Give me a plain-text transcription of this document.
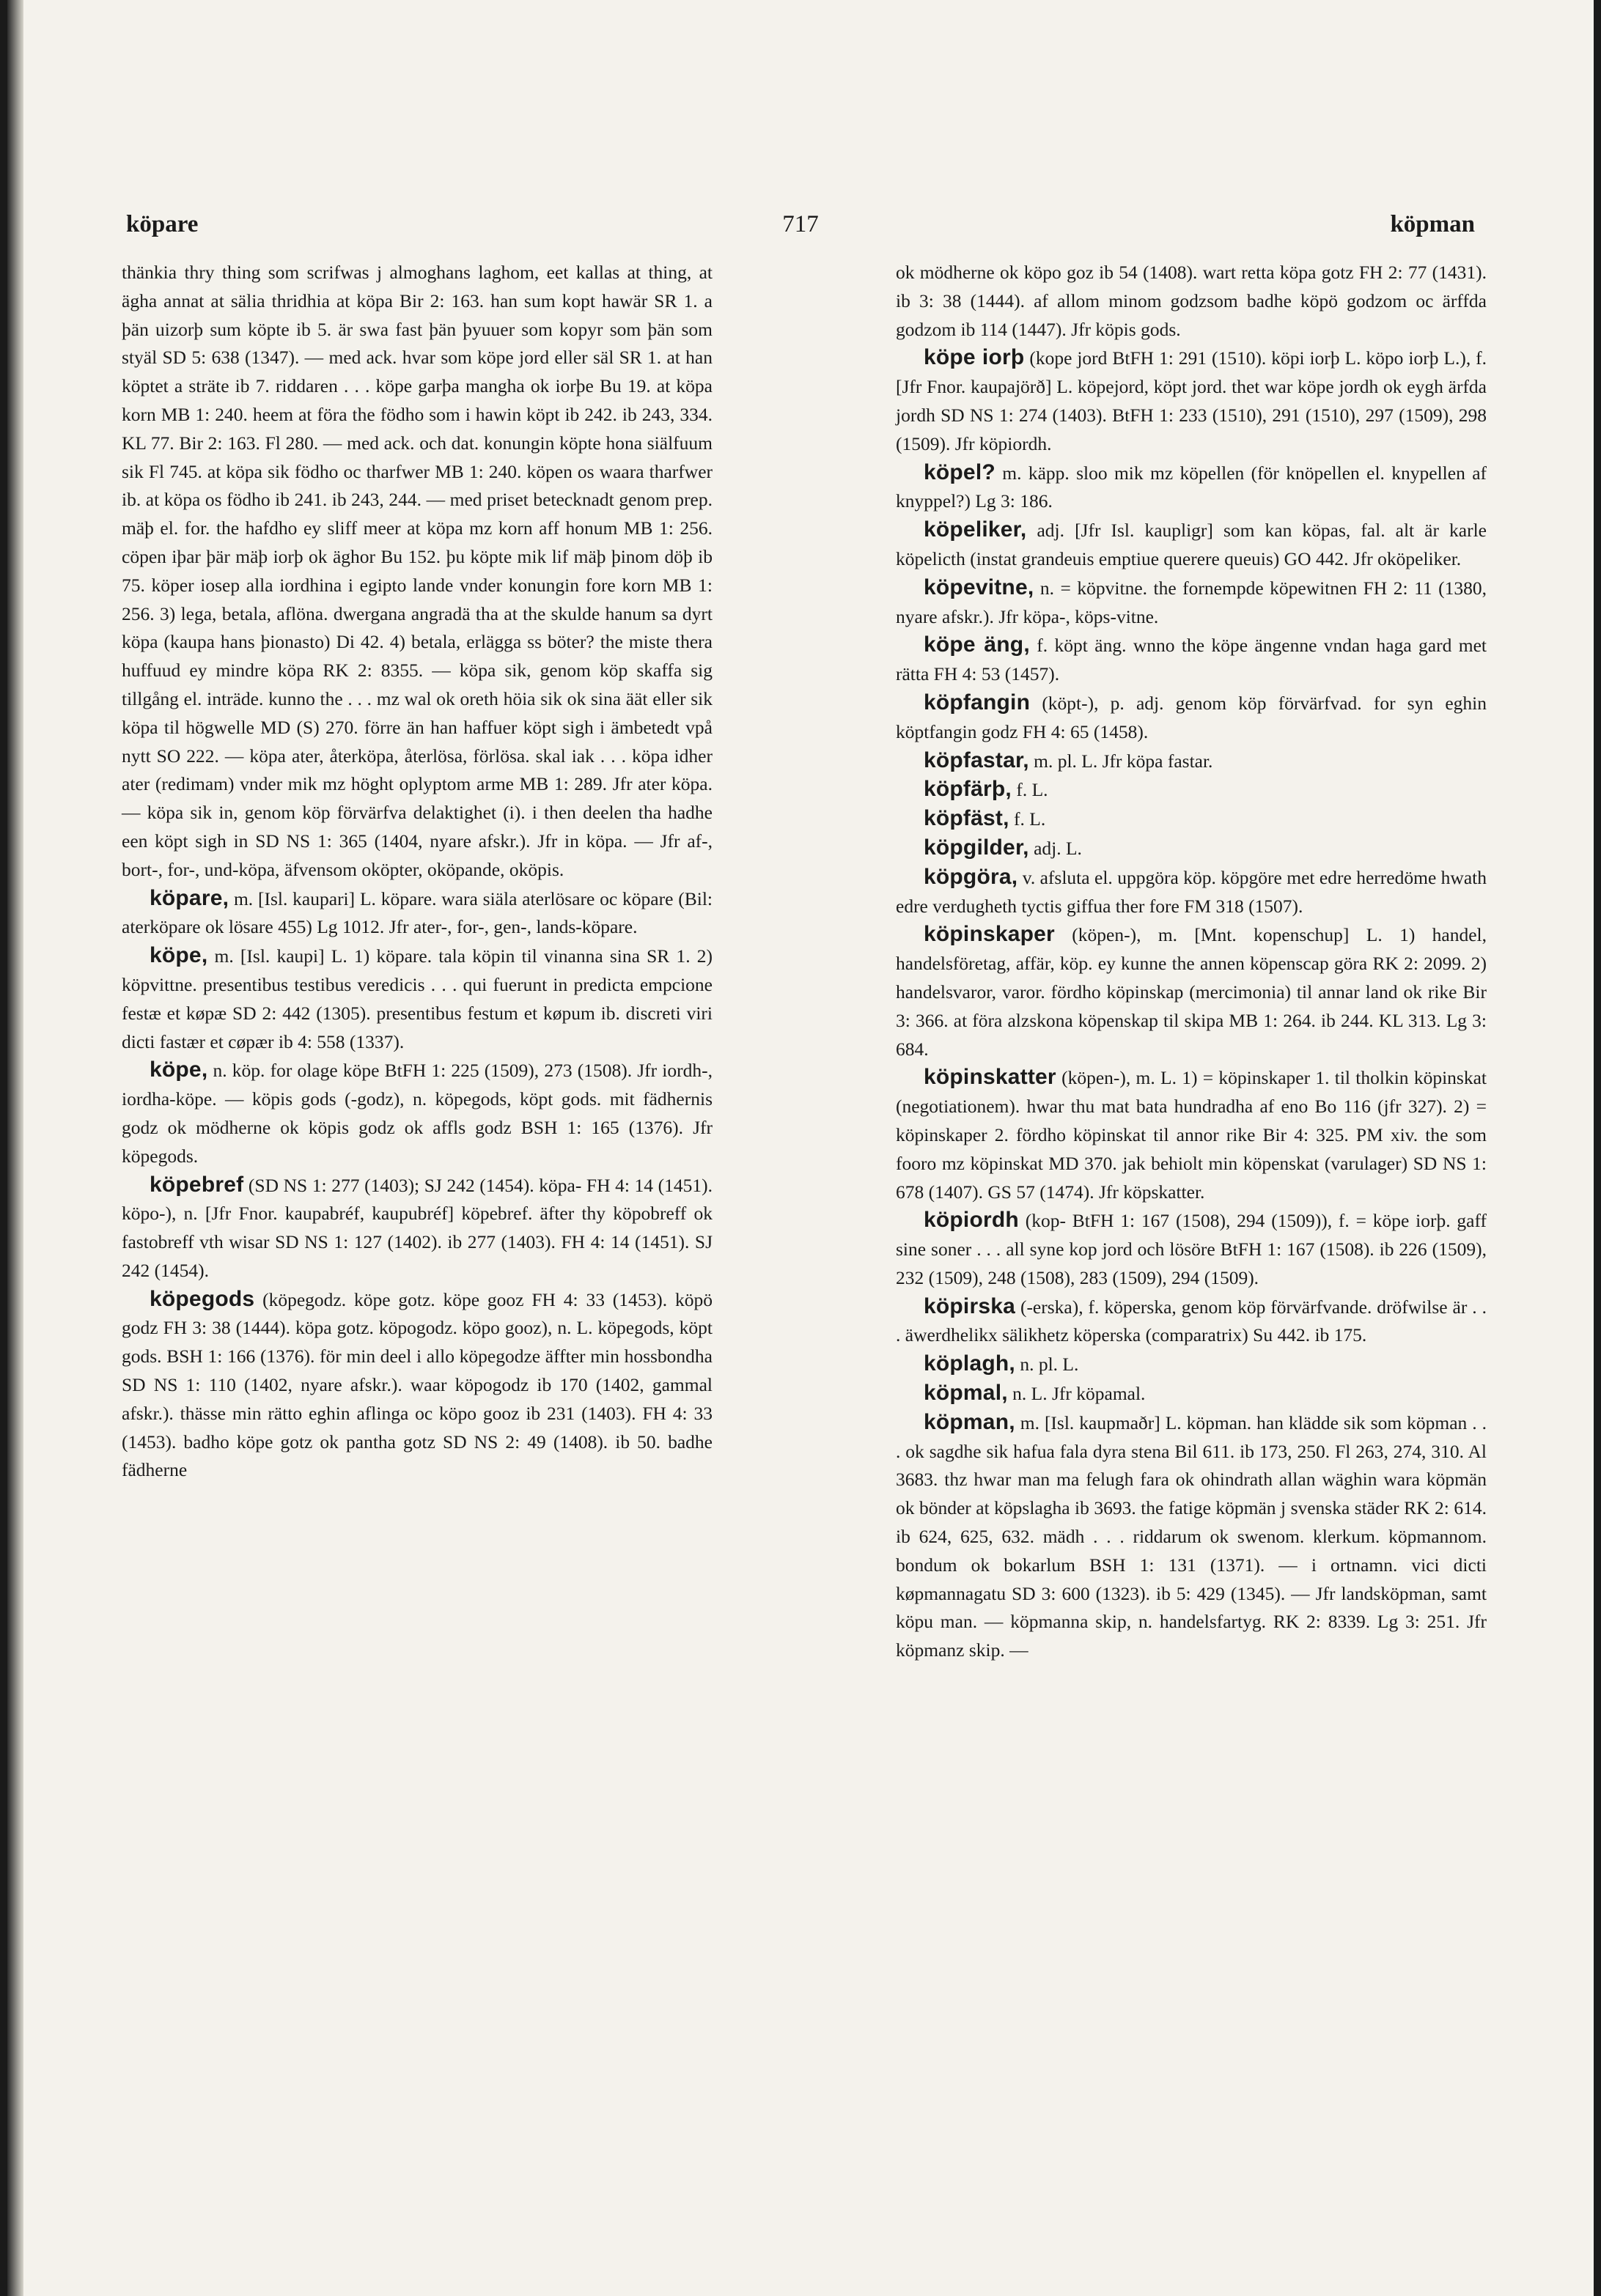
köpare	717	köpman

thänkia thry thing som scrifwas j almoghans laghom, eet kallas at thing, at ägha annat at sälia thridhia at köpa Bir 2: 163. han sum kopt hawär SR 1. a þän uizorþ sum köpte ib 5. är swa fast þän þyuuer som kopyr som þän som styäl SD 5: 638 (1347). — med ack. hvar som köpe jord eller säl SR 1. at han köptet a sträte ib 7. riddaren . . . köpe garþa mangha ok iorþe Bu 19. at köpa korn MB 1: 240. heem at föra the födho som i hawin köpt ib 242. ib 243, 334. KL 77. Bir 2: 163. Fl 280. — med ack. och dat. konungin köpte hona siälfuum sik Fl 745. at köpa sik födho oc tharfwer MB 1: 240. köpen os waara tharfwer ib. at köpa os födho ib 241. ib 243, 244. — med priset betecknadt genom prep. mäþ el. for. the hafdho ey sliff meer at köpa mz korn aff honum MB 1: 256. cöpen iþar þär mäþ iorþ ok äghor Bu 152. þu köpte mik lif mäþ þinom döþ ib 75. köper iosep alla iordhina i egipto lande vnder konungin fore korn MB 1: 256. 3) lega, betala, aflöna. dwergana angradä tha at the skulde hanum sa dyrt köpa (kaupa hans þionasto) Di 42. 4) betala, erlägga ss böter? the miste thera huffuud ey mindre köpa RK 2: 8355. — köpa sik, genom köp skaffa sig tillgång el. inträde. kunno the . . . mz wal ok oreth höia sik ok sina äät eller sik köpa til högwelle MD (S) 270. förre än han haffuer köpt sigh i ämbetedt vpå nytt SO 222. — köpa ater, återköpa, återlösa, förlösa. skal iak . . . köpa idher ater (redimam) vnder mik mz höght oplyptom arme MB 1: 289. Jfr ater köpa. — köpa sik in, genom köp förvärfva delaktighet (i). i then deelen tha hadhe een köpt sigh in SD NS 1: 365 (1404, nyare afskr.). Jfr in köpa. — Jfr af-, bort-, for-, und-köpa, äfvensom oköpter, oköpande, oköpis.

köpare, m. [Isl. kaupari] L. köpare. wara siäla aterlösare oc köpare (Bil: aterköpare ok lösare 455) Lg 1012. Jfr ater-, for-, gen-, lands-köpare.

köpe, m. [Isl. kaupi] L. 1) köpare. tala köpin til vinanna sina SR 1. 2) köpvittne. presentibus testibus veredicis . . . qui fuerunt in predicta empcione festæ et køpæ SD 2: 442 (1305). presentibus festum et køpum ib. discreti viri dicti fastær et cøpær ib 4: 558 (1337).

köpe, n. köp. for olage köpe BtFH 1: 225 (1509), 273 (1508). Jfr iordh-, iordha-köpe. — köpis gods (-godz), n. köpegods, köpt gods. mit fädhernis godz ok mödherne ok köpis godz ok affls godz BSH 1: 165 (1376). Jfr köpegods.

köpebref (SD NS 1: 277 (1403); SJ 242 (1454). köpa- FH 4: 14 (1451). köpo-), n. [Jfr Fnor. kaupabréf, kaupubréf] köpebref. äfter thy köpobreff ok fastobreff vth wisar SD NS 1: 127 (1402). ib 277 (1403). FH 4: 14 (1451). SJ 242 (1454).

köpegods (köpegodz. köpe gotz. köpe gooz FH 4: 33 (1453). köpö godz FH 3: 38 (1444). köpa gotz. köpogodz. köpo gooz), n. L. köpegods, köpt gods. BSH 1: 166 (1376). för min deel i allo köpegodze äffter min hossbondha SD NS 1: 110 (1402, nyare afskr.). waar köpogodz ib 170 (1402, gammal afskr.). thässe min rätto eghin aflinga oc köpo gooz ib 231 (1403). FH 4: 33 (1453). badho köpe gotz ok pantha gotz SD NS 2: 49 (1408). ib 50. badhe fädherne

ok mödherne ok köpo goz ib 54 (1408). wart retta köpa gotz FH 2: 77 (1431). ib 3: 38 (1444). af allom minom godzsom badhe köpö godzom oc ärffda godzom ib 114 (1447). Jfr köpis gods.

köpe iorþ (kope jord BtFH 1: 291 (1510). köpi iorþ L. köpo iorþ L.), f. [Jfr Fnor. kaupajörð] L. köpejord, köpt jord. thet war köpe jordh ok eygh ärfda jordh SD NS 1: 274 (1403). BtFH 1: 233 (1510), 291 (1510), 297 (1509), 298 (1509). Jfr köpiordh.

köpel? m. käpp. sloo mik mz köpellen (för knöpellen el. knypellen af knyppel?) Lg 3: 186.

köpeliker, adj. [Jfr Isl. kaupligr] som kan köpas, fal. alt är karle köpelicth (instat grandeuis emptiue querere queuis) GO 442. Jfr oköpeliker.

köpevitne, n. = köpvitne. the fornempde köpewitnen FH 2: 11 (1380, nyare afskr.). Jfr köpa-, köps-vitne.

köpe äng, f. köpt äng. wnno the köpe ängenne vndan haga gard met rätta FH 4: 53 (1457).

köpfangin (köpt-), p. adj. genom köp förvärfvad. for syn eghin köptfangin godz FH 4: 65 (1458).

köpfastar, m. pl. L. Jfr köpa fastar.

köpfärþ, f. L.

köpfäst, f. L.

köpgilder, adj. L.

köpgöra, v. afsluta el. uppgöra köp. köpgöre met edre herredöme hwath edre verdugheth tyctis giffua ther fore FM 318 (1507).

köpinskaper (köpen-), m. [Mnt. kopenschup] L. 1) handel, handelsföretag, affär, köp. ey kunne the annen köpenscap göra RK 2: 2099. 2) handelsvaror, varor. fördho köpinskap (mercimonia) til annar land ok rike Bir 3: 366. at föra alzskona köpenskap til skipa MB 1: 264. ib 244. KL 313. Lg 3: 684.

köpinskatter (köpen-), m. L. 1) = köpinskaper 1. til tholkin köpinskat (negotiationem). hwar thu mat bata hundradha af eno Bo 116 (jfr 327). 2) = köpinskaper 2. fördho köpinskat til annor rike Bir 4: 325. PM xiv. the som fooro mz köpinskat MD 370. jak behiolt min köpenskat (varulager) SD NS 1: 678 (1407). GS 57 (1474). Jfr köpskatter.

köpiordh (kop- BtFH 1: 167 (1508), 294 (1509)), f. = köpe iorþ. gaff sine soner . . . all syne kop jord och lösöre BtFH 1: 167 (1508). ib 226 (1509), 232 (1509), 248 (1508), 283 (1509), 294 (1509).

köpirska (-erska), f. köperska, genom köp förvärfvande. dröfwilse är . . . äwerdhelikx sälikhetz köperska (comparatrix) Su 442. ib 175.

köplagh, n. pl. L.

köpmal, n. L. Jfr köpamal.

köpman, m. [Isl. kaupmaðr] L. köpman. han klädde sik som köpman . . . ok sagdhe sik hafua fala dyra stena Bil 611. ib 173, 250. Fl 263, 274, 310. Al 3683. thz hwar man ma felugh fara ok ohindrath allan wäghin wara köpmän ok bönder at köpslagha ib 3693. the fatige köpmän j svenska städer RK 2: 614. ib 624, 625, 632. mädh . . . riddarum ok swenom. klerkum. köpmannom. bondum ok bokarlum BSH 1: 131 (1371). — i ortnamn. vici dicti køpmannagatu SD 3: 600 (1323). ib 5: 429 (1345). — Jfr landsköpman, samt köpu man. — köpmanna skip, n. handelsfartyg. RK 2: 8339. Lg 3: 251. Jfr köpmanz skip. —
